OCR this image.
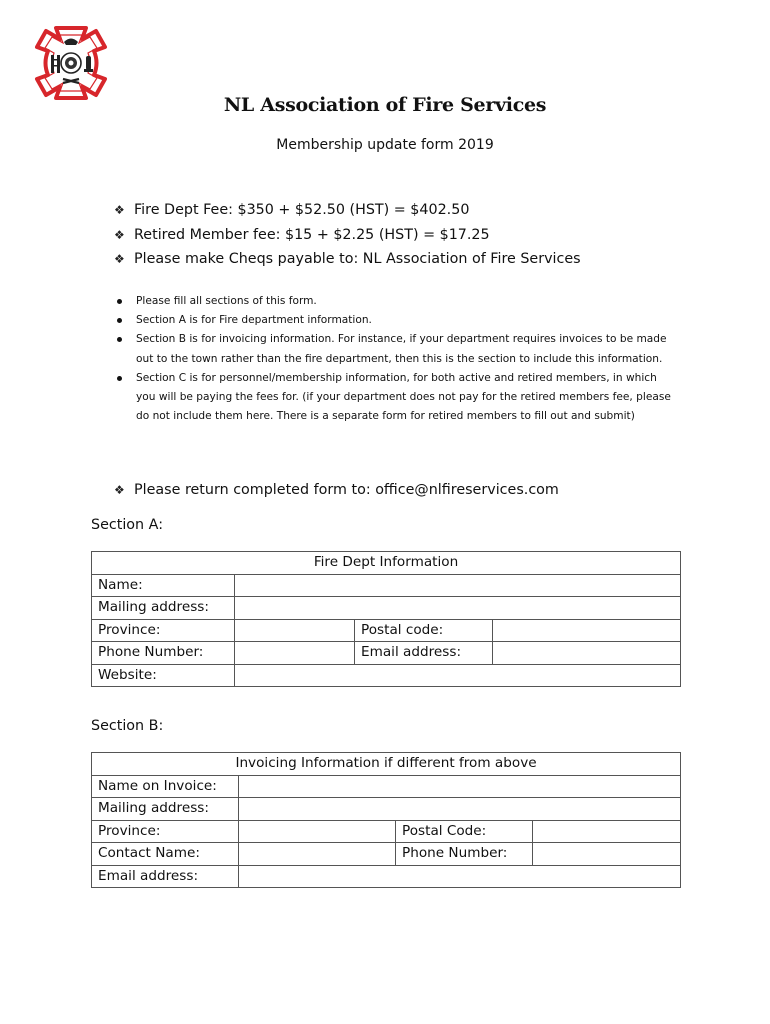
NL Association of Fire Services
Membership update form 2019
❖ Fire Dept Fee: $350 + $52.50 (HST) = $402.50
❖ Retired Member fee: $15 + $2.25 (HST) = $17.25
❖ Please make Cheqs payable to: NL Association of Fire Services
Please fill all sections of this form.
Section A is for Fire department information.
Section B is for invoicing information. For instance, if your department requires invoices to be made out to the town rather than the fire department, then this is the section to include this information.
Section C is for personnel/membership information, for both active and retired members, in which you will be paying the fees for. (if your department does not pay for the retired members fee, please do not include them here. There is a separate form for retired members to fill out and submit)
❖ Please return completed form to: office@nlfireservices.com
Section A:
Fire Dept Information			
Name:			
Mailing address:			
Province:		Postal code:	
Phone Number:		Email address:	
Website:			
Section B:
Invoicing Information if different from above			
Name on Invoice:			
Mailing address:			
Province:		Postal Code:	
Contact Name:		Phone Number:	
Email address:			
